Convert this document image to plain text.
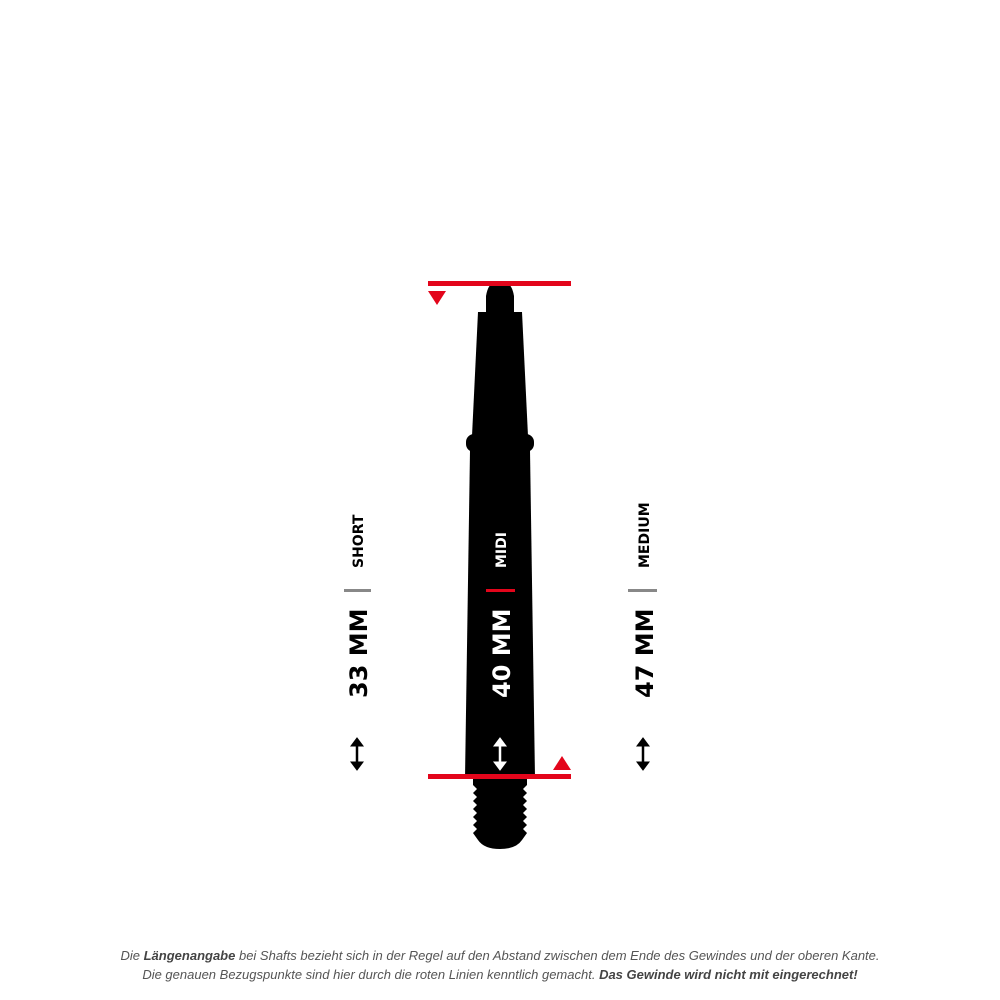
SHORT
33 MM
MIDI
40 MM
MEDIUM
47 MM
Die Längenangabe bei Shafts bezieht sich in der Regel auf den Abstand zwischen dem Ende des Gewindes und der oberen Kante.
Die genauen Bezugspunkte sind hier durch die roten Linien kenntlich gemacht. Das Gewinde wird nicht mit eingerechnet!
